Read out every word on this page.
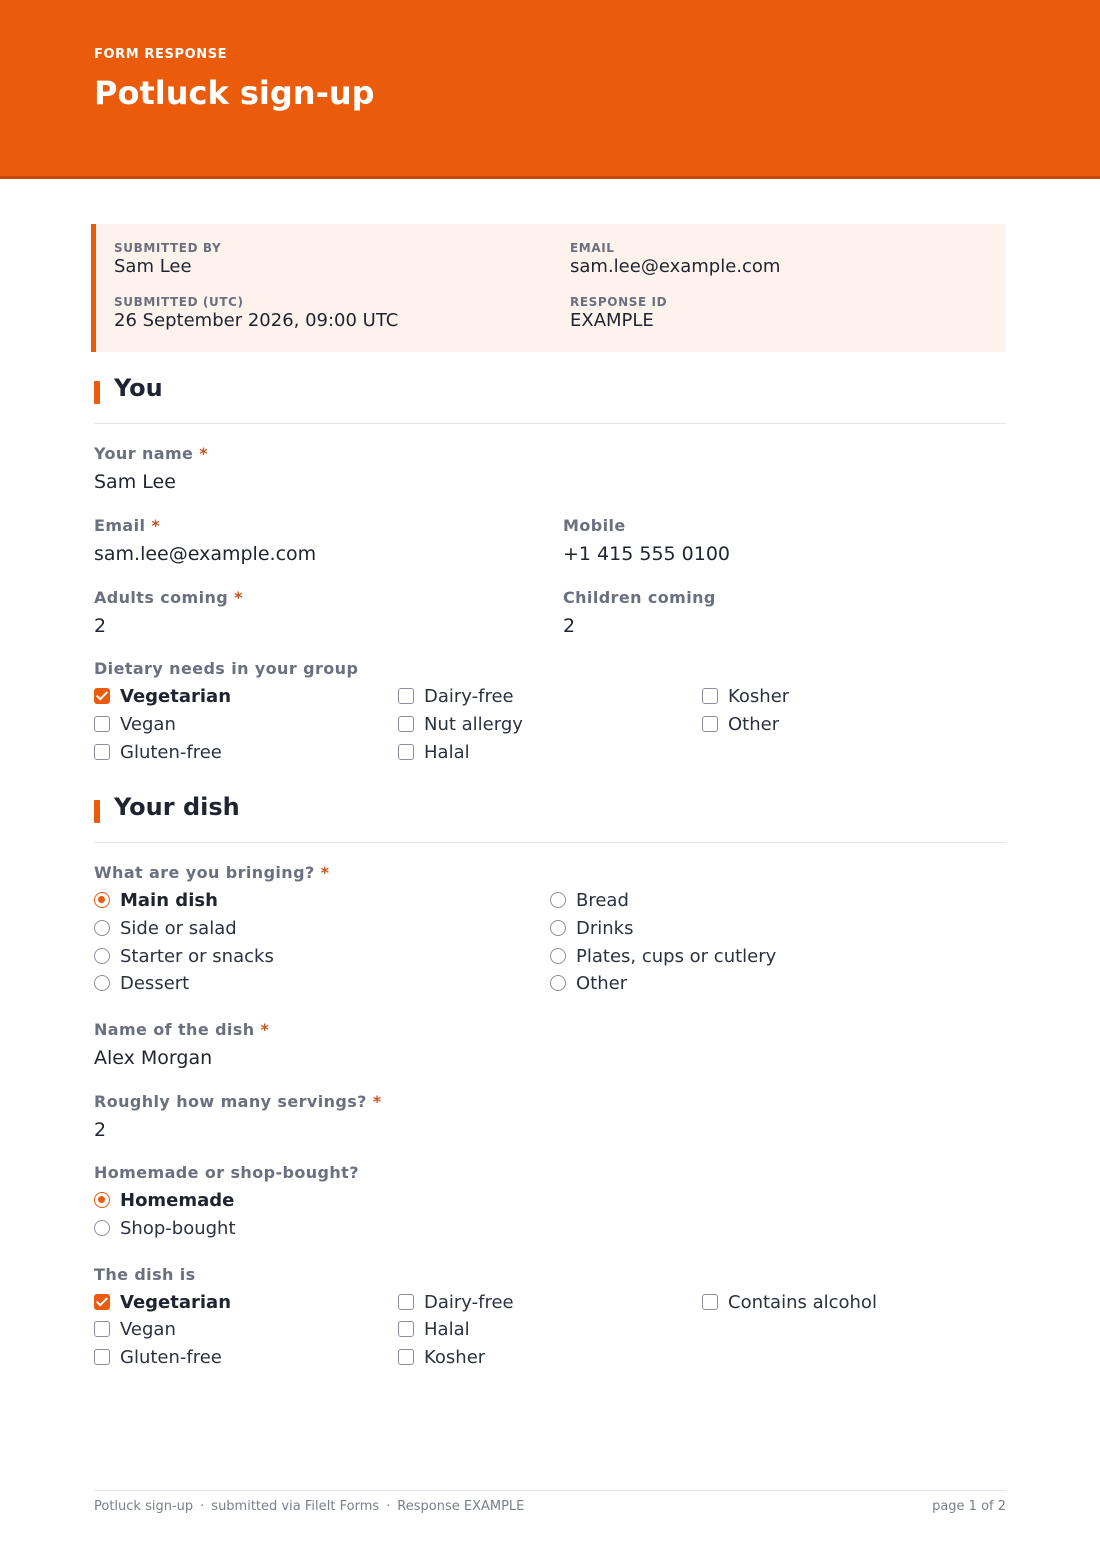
FORM RESPONSE
Potluck sign-up
SUBMITTED BY
Sam Lee
EMAIL
sam.lee@example.com
SUBMITTED (UTC)
26 September 2026, 09:00 UTC
RESPONSE ID
EXAMPLE
You
Your name *
Sam Lee
Email *
sam.lee@example.com
Mobile
+1 415 555 0100
Adults coming *
2
Children coming
2
Dietary needs in your group
Vegetarian
Vegan
Gluten-free
Dairy-free
Nut allergy
Halal
Kosher
Other
Your dish
What are you bringing? *
Main dish
Side or salad
Starter or snacks
Dessert
Bread
Drinks
Plates, cups or cutlery
Other
Name of the dish *
Alex Morgan
Roughly how many servings? *
2
Homemade or shop-bought?
Homemade
Shop-bought
The dish is
Vegetarian
Vegan
Gluten-free
Dairy-free
Halal
Kosher
Contains alcohol
Potluck sign-up · submitted via FileIt Forms · Response EXAMPLE	page 1 of 2
